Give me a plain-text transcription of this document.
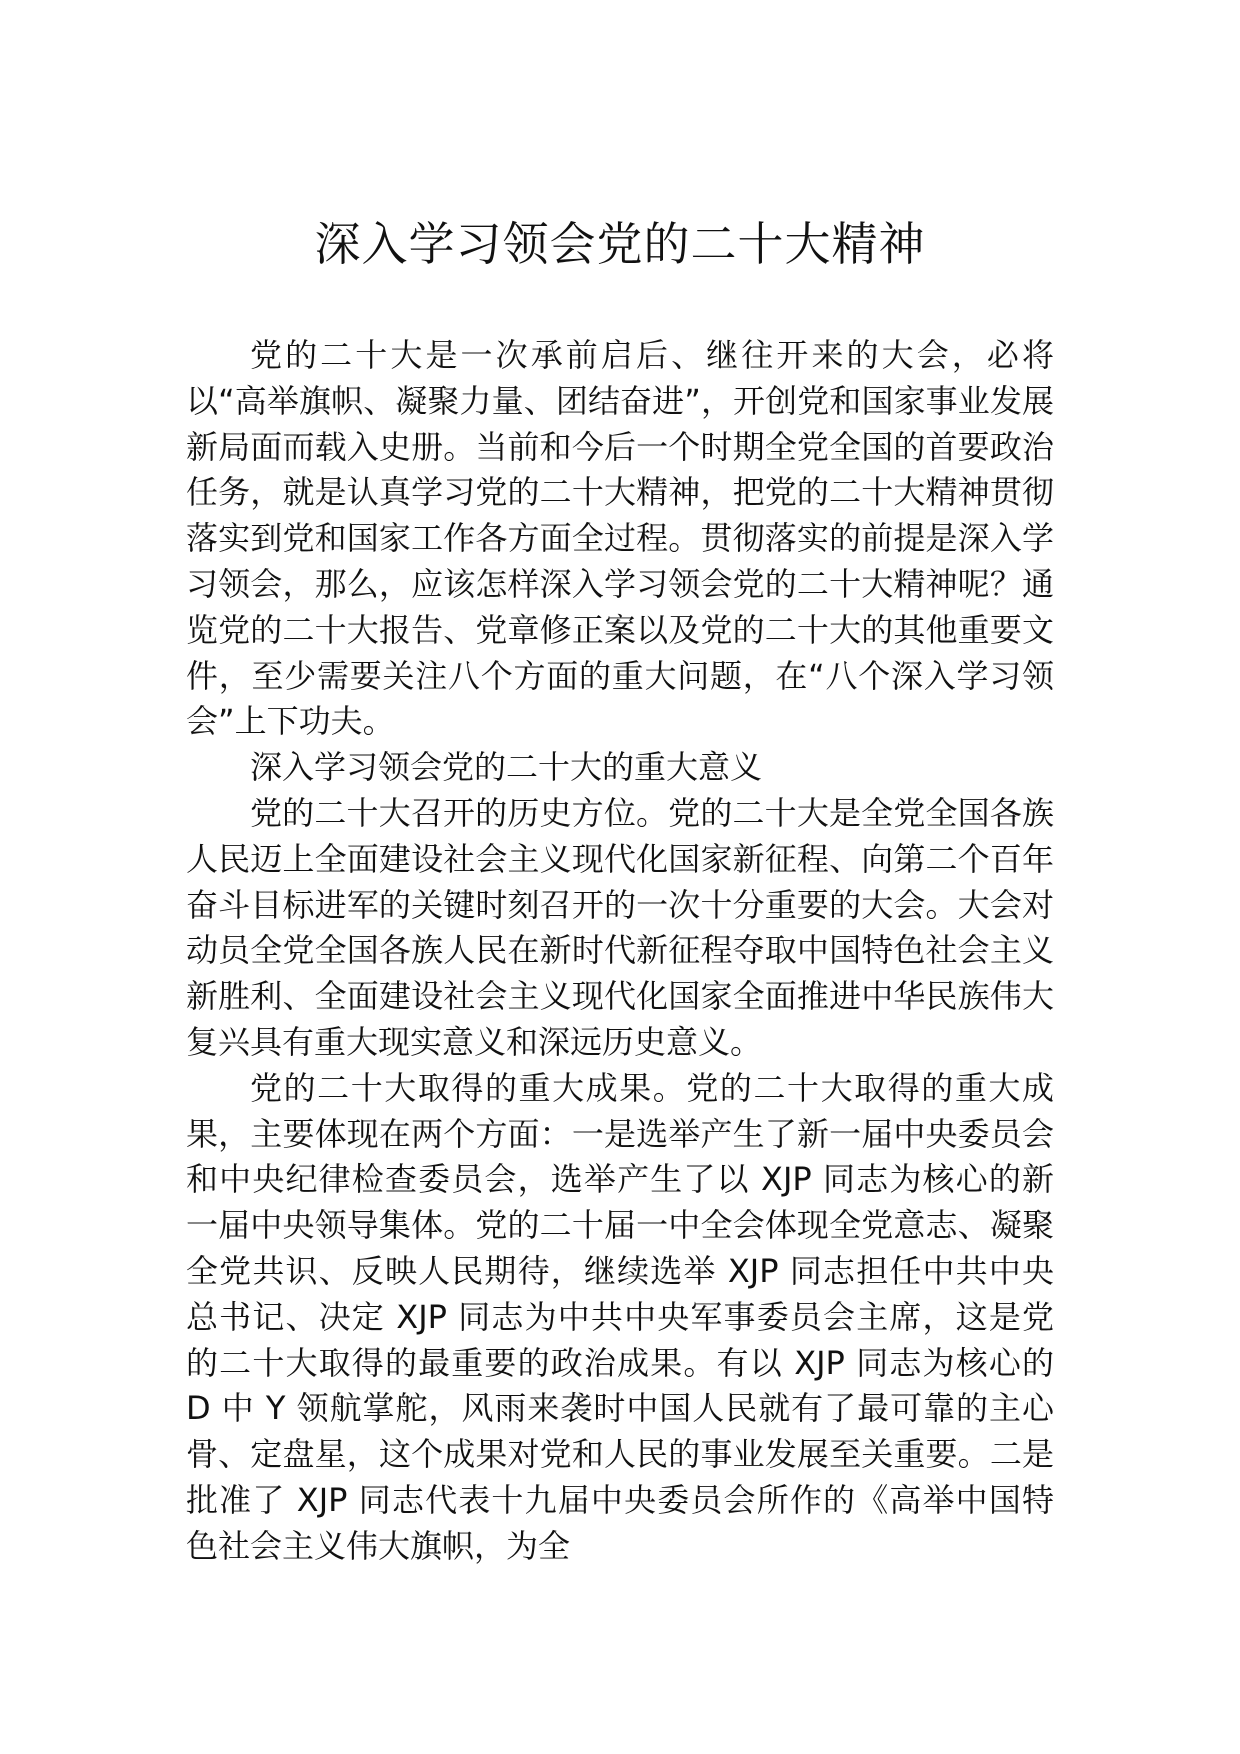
深入学习领会党的二十大精神

党的二十大是一次承前启后、继往开来的大会，必将以“高举旗帜、凝聚力量、团结奋进”，开创党和国家事业发展新局面而载入史册。当前和今后一个时期全党全国的首要政治任务，就是认真学习党的二十大精神，把党的二十大精神贯彻落实到党和国家工作各方面全过程。贯彻落实的前提是深入学习领会，那么，应该怎样深入学习领会党的二十大精神呢？通览党的二十大报告、党章修正案以及党的二十大的其他重要文件，至少需要关注八个方面的重大问题，在“八个深入学习领会”上下功夫。

深入学习领会党的二十大的重大意义

党的二十大召开的历史方位。党的二十大是全党全国各族人民迈上全面建设社会主义现代化国家新征程、向第二个百年奋斗目标进军的关键时刻召开的一次十分重要的大会。大会对动员全党全国各族人民在新时代新征程夺取中国特色社会主义新胜利、全面建设社会主义现代化国家全面推进中华民族伟大复兴具有重大现实意义和深远历史意义。

党的二十大取得的重大成果。党的二十大取得的重大成果，主要体现在两个方面：一是选举产生了新一届中央委员会和中央纪律检查委员会，选举产生了以 XJP 同志为核心的新一届中央领导集体。党的二十届一中全会体现全党意志、凝聚全党共识、反映人民期待，继续选举 XJP 同志担任中共中央总书记、决定 XJP 同志为中共中央军事委员会主席，这是党的二十大取得的最重要的政治成果。有以 XJP 同志为核心的 D 中 Y 领航掌舵，风雨来袭时中国人民就有了最可靠的主心骨、定盘星，这个成果对党和人民的事业发展至关重要。二是批准了 XJP 同志代表十九届中央委员会所作的《高举中国特色社会主义伟大旗帜，为全
